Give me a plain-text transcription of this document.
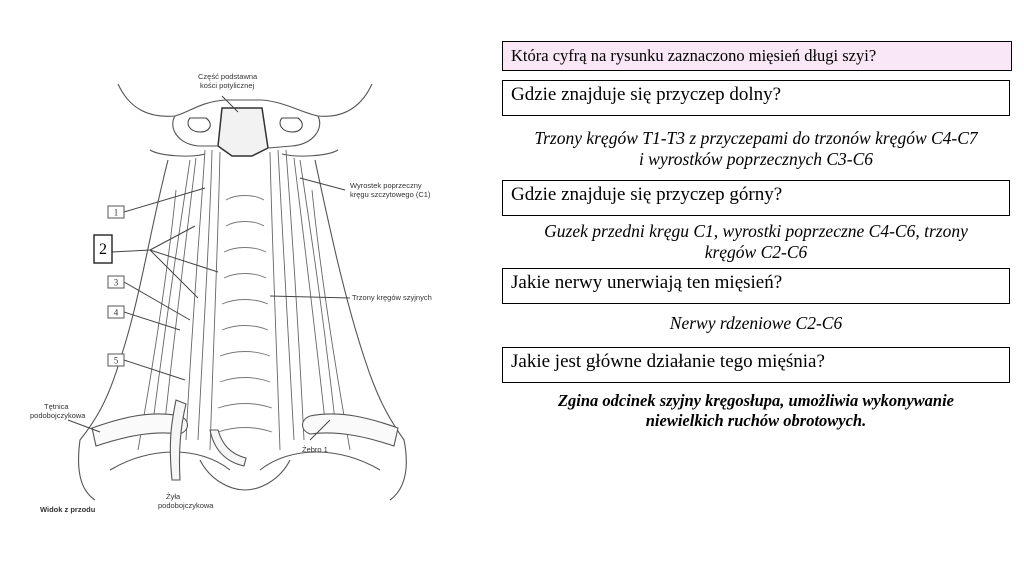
1
2
3
4
5
Część podstawna
kości potylicznej
Wyrostek poprzeczny
kręgu szczytowego (C1)
Trzony kręgów szyjnych
Tętnica
podobojczykowa
Żebro 1
Żyła
podobojczykowa
Widok z przodu
Która cyfrą na rysunku zaznaczono mięsień długi szyi?
Gdzie znajduje się przyczep dolny?
Trzony kręgów T1-T3 z przyczepami do trzonów kręgów C4-C7
i wyrostków poprzecznych C3-C6
Gdzie znajduje się przyczep górny?
Guzek przedni kręgu C1, wyrostki poprzeczne C4-C6, trzony
kręgów C2-C6
Jakie nerwy unerwiają ten mięsień?
Nerwy rdzeniowe C2-C6
Jakie jest główne działanie tego mięśnia?
Zgina odcinek szyjny kręgosłupa, umożliwia wykonywanie
niewielkich ruchów obrotowych.
